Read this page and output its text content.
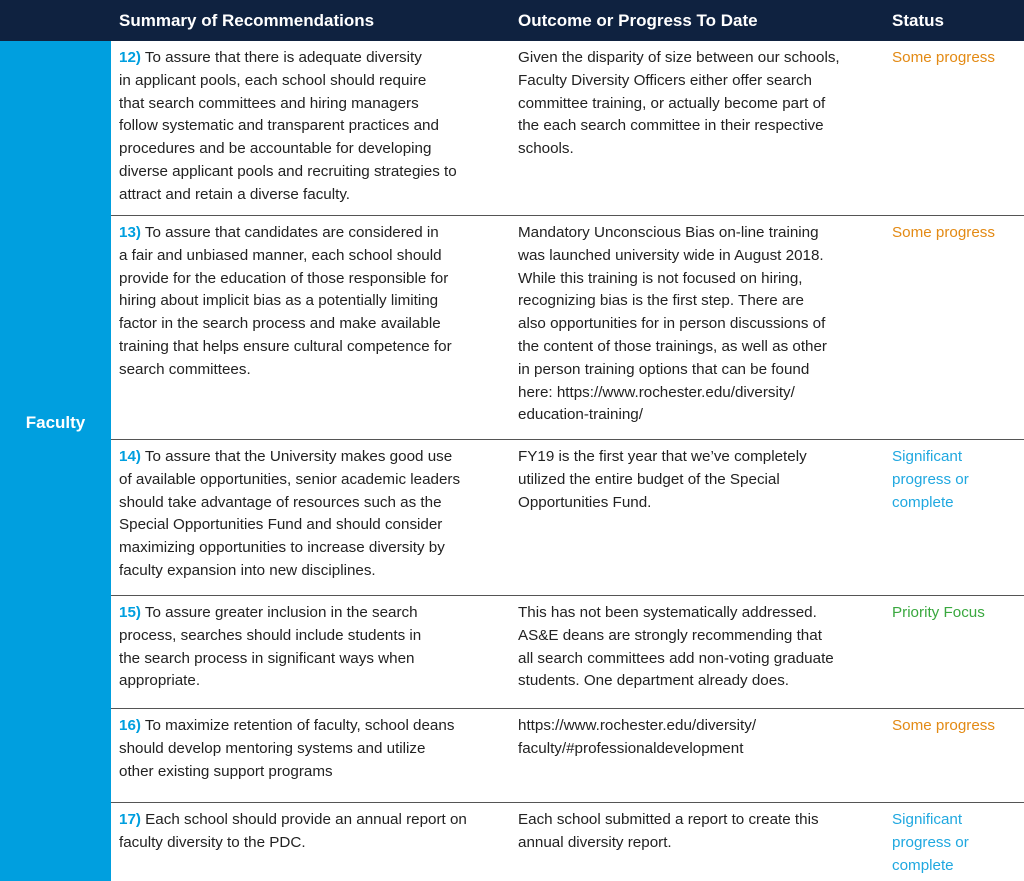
Summary of Recommendations	Outcome or Progress To Date	Status
Faculty
12) To assure that there is adequate diversity
in applicant pools, each school should require
that search committees and hiring managers
follow systematic and transparent practices and
procedures and be accountable for developing
diverse applicant pools and recruiting strategies to
attract and retain a diverse faculty.
Given the disparity of size between our schools,
Faculty Diversity Officers either offer search
committee training, or actually become part of
the each search committee in their respective
schools.
Some progress
13) To assure that candidates are considered in
a fair and unbiased manner, each school should
provide for the education of those responsible for
hiring about implicit bias as a potentially limiting
factor in the search process and make available
training that helps ensure cultural competence for
search committees.
Mandatory Unconscious Bias on-line training
was launched university wide in August 2018.
While this training is not focused on hiring,
recognizing bias is the first step. There are
also opportunities for in person discussions of
the content of those trainings, as well as other
in person training options that can be found
here: https://www.rochester.edu/diversity/
education-training/
Some progress
14) To assure that the University makes good use
of available opportunities, senior academic leaders
should take advantage of resources such as the
Special Opportunities Fund and should consider
maximizing opportunities to increase diversity by
faculty expansion into new disciplines.
FY19 is the first year that we’ve completely
utilized the entire budget of the Special
Opportunities Fund.
Significant
progress or
complete
15) To assure greater inclusion in the search
process, searches should include students in
the search process in significant ways when
appropriate.
This has not been systematically addressed.
AS&E deans are strongly recommending that
all search committees add non-voting graduate
students. One department already does.
Priority Focus
16) To maximize retention of faculty, school deans
should develop mentoring systems and utilize
other existing support programs
https://www.rochester.edu/diversity/
faculty/#professionaldevelopment
Some progress
17) Each school should provide an annual report on
faculty diversity to the PDC.
Each school submitted a report to create this
annual diversity report.
Significant
progress or
complete
